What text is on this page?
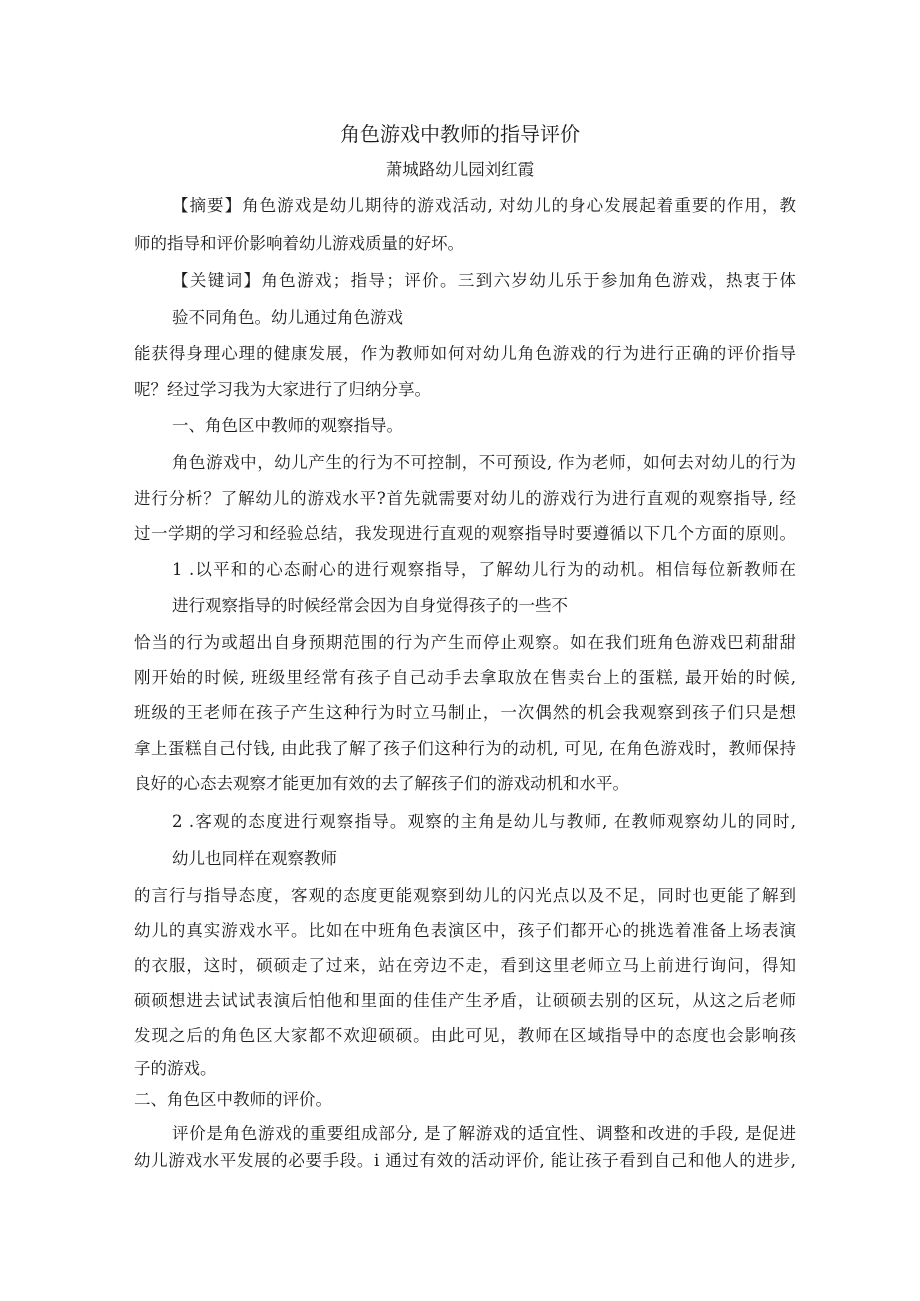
角色游戏中教师的指导评价
萧城路幼儿园刘红霞
【摘要】角色游戏是幼儿期待的游戏活动, 对幼儿的身心发展起着重要的作用，教
师的指导和评价影响着幼儿游戏质量的好坏。
【关键词】角色游戏；指导；评价。三到六岁幼儿乐于参加角色游戏，热衷于体
验不同角色。幼儿通过角色游戏
能获得身理心理的健康发展，作为教师如何对幼儿角色游戏的行为进行正确的评价指导
呢？经过学习我为大家进行了归纳分享。
一、角色区中教师的观察指导。
角色游戏中，幼儿产生的行为不可控制，不可预设, 作为老师，如何去对幼儿的行为
进行分析？了解幼儿的游戏水平?首先就需要对幼儿的游戏行为进行直观的观察指导, 经
过一学期的学习和经验总结，我发现进行直观的观察指导时要遵循以下几个方面的原则。
1 .以平和的心态耐心的进行观察指导，了解幼儿行为的动机。相信每位新教师在
进行观察指导的时候经常会因为自身觉得孩子的一些不
恰当的行为或超出自身预期范围的行为产生而停止观察。如在我们班角色游戏巴莉甜甜
刚开始的时候, 班级里经常有孩子自己动手去拿取放在售卖台上的蛋糕, 最开始的时候,
班级的王老师在孩子产生这种行为时立马制止，一次偶然的机会我观察到孩子们只是想
拿上蛋糕自己付钱, 由此我了解了孩子们这种行为的动机, 可见, 在角色游戏时，教师保持
良好的心态去观察才能更加有效的去了解孩子们的游戏动机和水平。
2 .客观的态度进行观察指导。观察的主角是幼儿与教师, 在教师观察幼儿的同时,
幼儿也同样在观察教师
的言行与指导态度，客观的态度更能观察到幼儿的闪光点以及不足，同时也更能了解到
幼儿的真实游戏水平。比如在中班角色表演区中，孩子们都开心的挑选着准备上场表演
的衣服，这时，硕硕走了过来，站在旁边不走，看到这里老师立马上前进行询问，得知
硕硕想进去试试表演后怕他和里面的佳佳产生矛盾，让硕硕去别的区玩，从这之后老师
发现之后的角色区大家都不欢迎硕硕。由此可见，教师在区域指导中的态度也会影响孩
子的游戏。
二、角色区中教师的评价。
评价是角色游戏的重要组成部分, 是了解游戏的适宜性、调整和改进的手段, 是促进
幼儿游戏水平发展的必要手段。i 通过有效的活动评价, 能让孩子看到自己和他人的进步,
